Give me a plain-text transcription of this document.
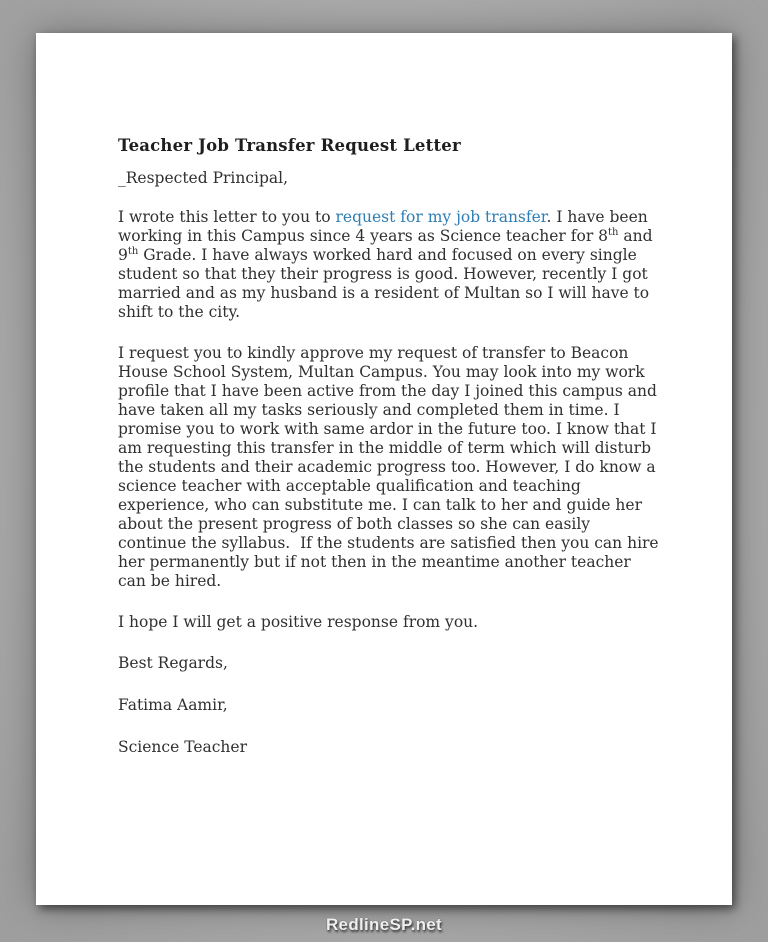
Teacher Job Transfer Request Letter

_Respected Principal,

I wrote this letter to you to request for my job transfer. I have been working in this Campus since 4 years as Science teacher for 8th and 9th Grade. I have always worked hard and focused on every single student so that they their progress is good. However, recently I got married and as my husband is a resident of Multan so I will have to shift to the city.

I request you to kindly approve my request of transfer to Beacon House School System, Multan Campus. You may look into my work profile that I have been active from the day I joined this campus and have taken all my tasks seriously and completed them in time. I promise you to work with same ardor in the future too. I know that I am requesting this transfer in the middle of term which will disturb the students and their academic progress too. However, I do know a science teacher with acceptable qualification and teaching experience, who can substitute me. I can talk to her and guide her about the present progress of both classes so she can easily continue the syllabus.  If the students are satisfied then you can hire her permanently but if not then in the meantime another teacher can be hired.

I hope I will get a positive response from you.

Best Regards,

Fatima Aamir,

Science Teacher

RedlineSP.net
